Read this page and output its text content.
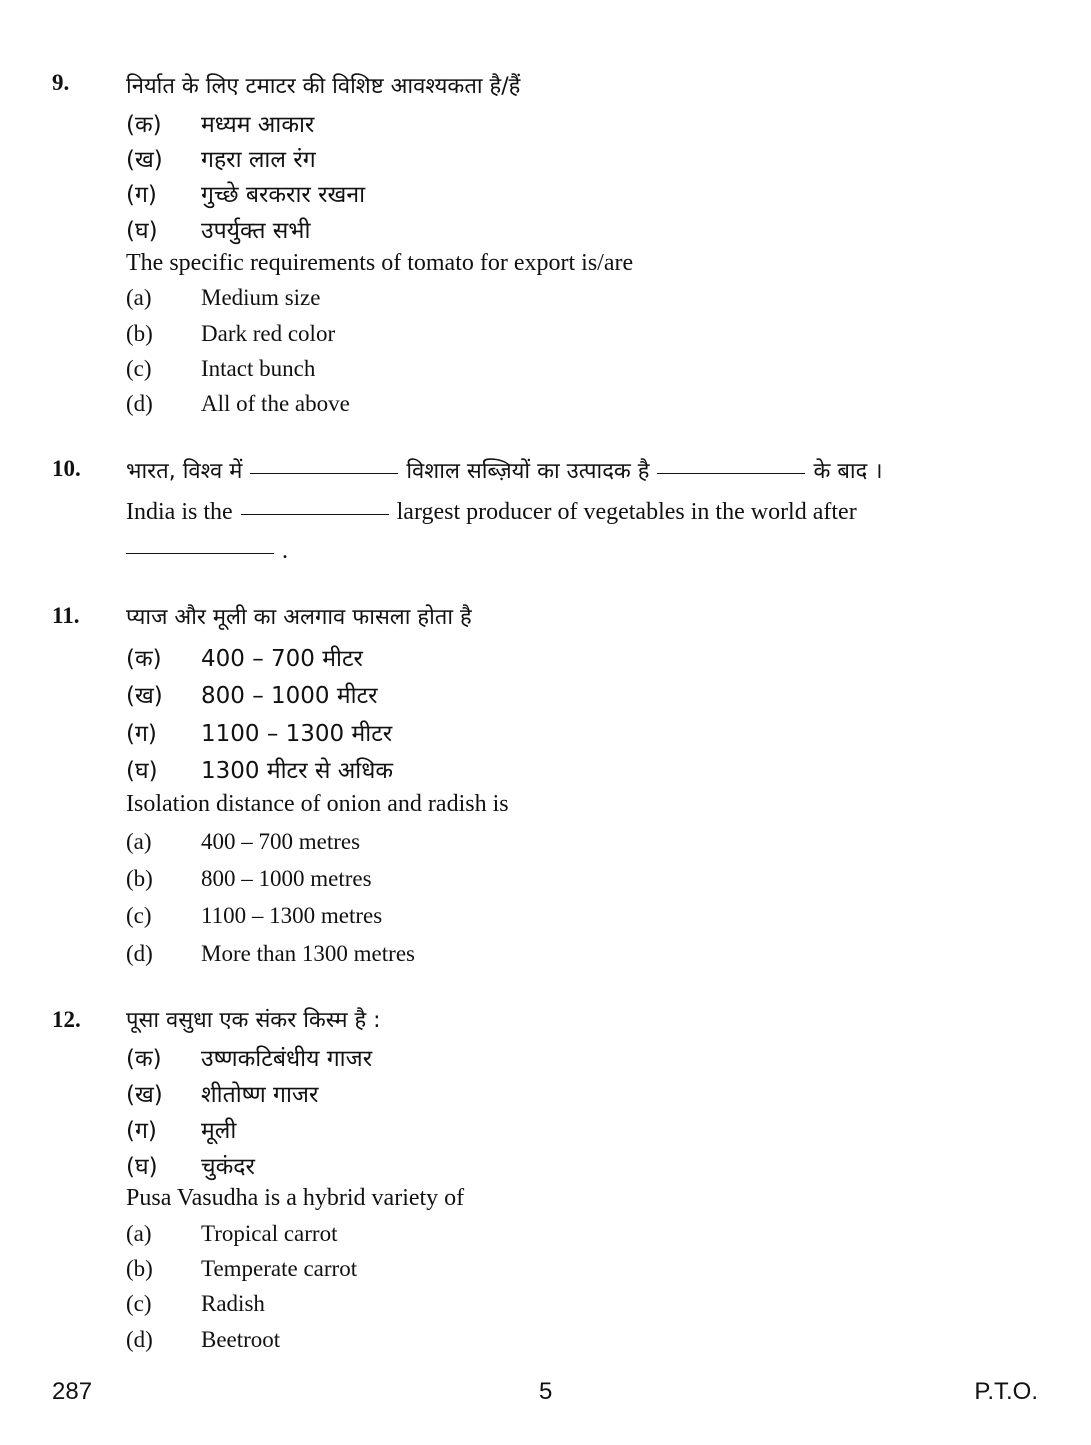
9.	निर्यात के लिए टमाटर की विशिष्ट आवश्यकता है/हैं
(क) मध्यम आकार
(ख) गहरा लाल रंग
(ग) गुच्छे बरकरार रखना
(घ) उपर्युक्त सभी
The specific requirements of tomato for export is/are
(a) Medium size
(b) Dark red color
(c) Intact bunch
(d) All of the above
10. भारत, विश्व में	विशाल सब्ज़ियों का उत्पादक है	के बाद ।
India is the	largest producer of vegetables in the world after
.
11. प्याज और मूली का अलगाव फासला होता है
(क) 400 – 700 मीटर
(ख) 800 – 1000 मीटर
(ग) 1100 – 1300 मीटर
(घ) 1300 मीटर से अधिक
Isolation distance of onion and radish is
(a) 400 – 700 metres
(b) 800 – 1000 metres
(c) 1100 – 1300 metres
(d) More than 1300 metres
12. पूसा वसुधा एक संकर किस्म है :
(क) उष्णकटिबंधीय गाजर
(ख) शीतोष्ण गाजर
(ग) मूली
(घ) चुकंदर
Pusa Vasudha is a hybrid variety of
(a) Tropical carrot
(b) Temperate carrot
(c) Radish
(d) Beetroot
287	5	P.T.O.
